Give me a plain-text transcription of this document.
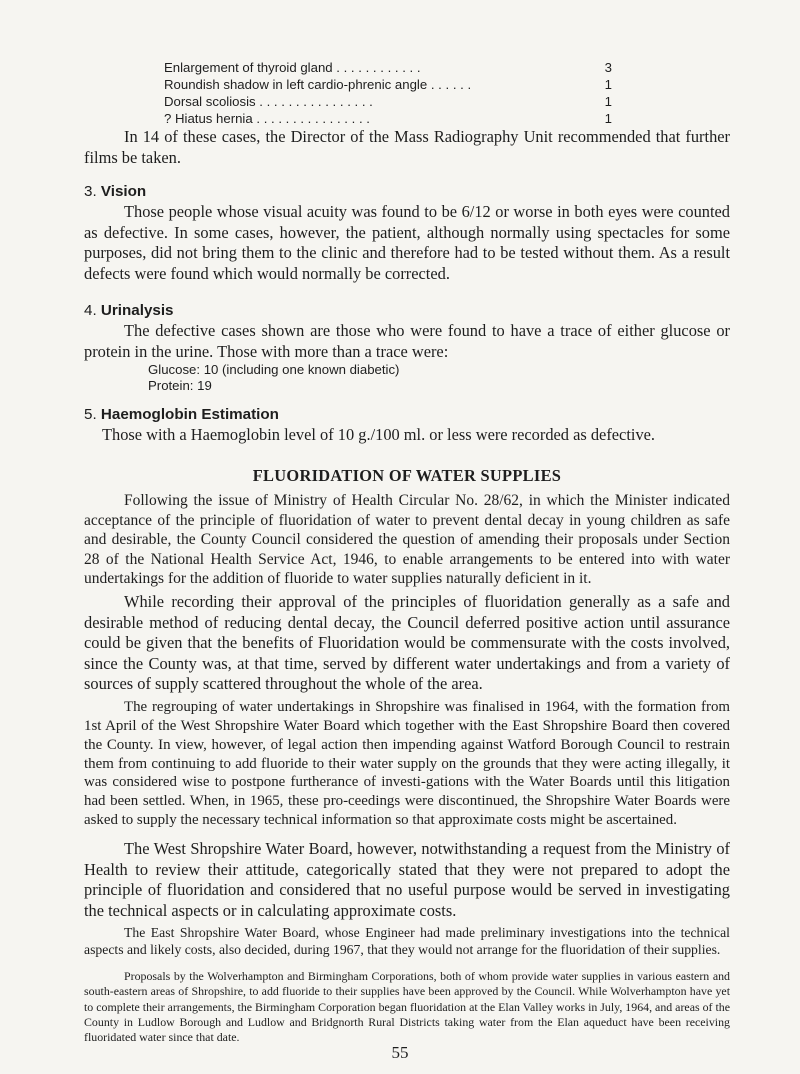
Enlargement of thyroid gland . . . . . . . . . . . .	3
Roundish shadow in left cardio-phrenic angle . . . . . .	1
Dorsal scoliosis . . . . . . . . . . . . . . . .	1
? Hiatus hernia . . . . . . . . . . . . . . . .	1

In 14 of these cases, the Director of the Mass Radiography Unit recommended that further films be taken.

3. Vision

Those people whose visual acuity was found to be 6/12 or worse in both eyes were counted as defective. In some cases, however, the patient, although normally using spectacles for some purposes, did not bring them to the clinic and therefore had to be tested without them. As a result defects were found which would normally be corrected.

4. Urinalysis

The defective cases shown are those who were found to have a trace of either glucose or protein in the urine. Those with more than a trace were:

Glucose: 10 (including one known diabetic)
Protein: 19
5. Haemoglobin Estimation

Those with a Haemoglobin level of 10 g./100 ml. or less were recorded as defective.

FLUORIDATION OF WATER SUPPLIES

Following the issue of Ministry of Health Circular No. 28/62, in which the Minister indicated acceptance of the principle of fluoridation of water to prevent dental decay in young children as safe and desirable, the County Council considered the question of amending their proposals under Section 28 of the National Health Service Act, 1946, to enable arrangements to be entered into with water undertakings for the addition of fluoride to water supplies naturally deficient in it.

While recording their approval of the principles of fluoridation generally as a safe and desirable method of reducing dental decay, the Council deferred positive action until assurance could be given that the benefits of Fluoridation would be commensurate with the costs involved, since the County was, at that time, served by different water undertakings and from a variety of sources of supply scattered throughout the whole of the area.

The regrouping of water undertakings in Shropshire was finalised in 1964, with the formation from 1st April of the West Shropshire Water Board which together with the East Shropshire Board then covered the County. In view, however, of legal action then impending against Watford Borough Council to restrain them from continuing to add fluoride to their water supply on the grounds that they were acting illegally, it was considered wise to postpone furtherance of investi-gations with the Water Boards until this litigation had been settled. When, in 1965, these pro-ceedings were discontinued, the Shropshire Water Boards were asked to supply the necessary technical information so that approximate costs might be ascertained.

The West Shropshire Water Board, however, notwithstanding a request from the Ministry of Health to review their attitude, categorically stated that they were not prepared to adopt the principle of fluoridation and considered that no useful purpose would be served in investigating the technical aspects or in calculating approximate costs.

The East Shropshire Water Board, whose Engineer had made preliminary investigations into the technical aspects and likely costs, also decided, during 1967, that they would not arrange for the fluoridation of their supplies.

Proposals by the Wolverhampton and Birmingham Corporations, both of whom provide water supplies in various eastern and south-eastern areas of Shropshire, to add fluoride to their supplies have been approved by the Council. While Wolverhampton have yet to complete their arrangements, the Birmingham Corporation began fluoridation at the Elan Valley works in July, 1964, and areas of the County in Ludlow Borough and Ludlow and Bridgnorth Rural Districts taking water from the Elan aqueduct have been receiving fluoridated water since that date.

55
